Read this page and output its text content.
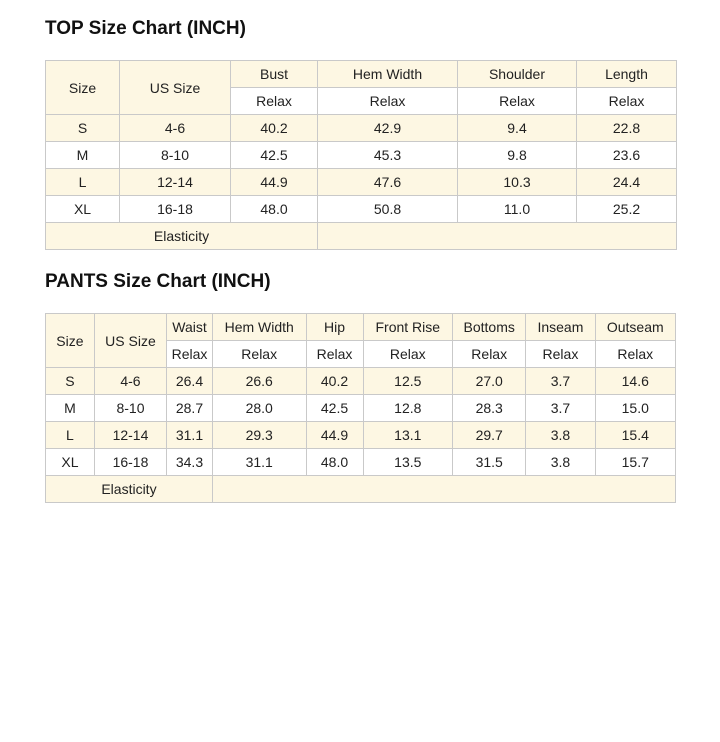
TOP Size Chart (INCH)
Size	US Size	Bust	Hem Width	Shoulder	Length
		Relax	Relax	Relax	Relax
S	4-6	40.2	42.9	9.4	22.8
M	8-10	42.5	45.3	9.8	23.6
L	12-14	44.9	47.6	10.3	24.4
XL	16-18	48.0	50.8	11.0	25.2
Elasticity					
PANTS Size Chart (INCH)
Size	US Size	Waist	Hem Width	Hip	Front Rise	Bottoms	Inseam	Outseam
		Relax	Relax	Relax	Relax	Relax	Relax	Relax
S	4-6	26.4	26.6	40.2	12.5	27.0	3.7	14.6
M	8-10	28.7	28.0	42.5	12.8	28.3	3.7	15.0
L	12-14	31.1	29.3	44.9	13.1	29.7	3.8	15.4
XL	16-18	34.3	31.1	48.0	13.5	31.5	3.8	15.7
Elasticity								
